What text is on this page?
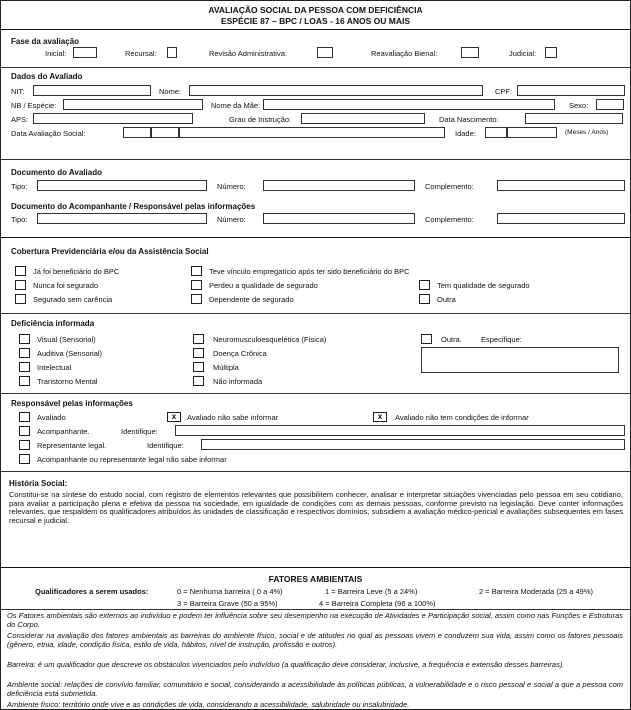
AVALIAÇÃO SOCIAL DA PESSOA COM DEFICIÊNCIA
ESPÉCIE 87 – BPC / LOAS - 16 ANOS OU MAIS
Fase da avaliação
Inicial:	Recursal:	Revisão Administrativa:	Reavaliação Bienal:	Judicial:
Dados do Avaliado
NIT:	Nome:	CPF:
NB / Espécie:	Nome da Mãe:	Sexo:
APS:	Grau de Instrução:	Data Nascimento:
Data Avaliação Social:	Idade:	(Meses / Anos)
Documento do Avaliado
Tipo:	Número:	Complemento:
Documento do Acompanhante / Responsável pelas informações
Tipo:	Número:	Complemento:
Cobertura Previdenciária e/ou da Assistência Social
Já foi beneficiário do BPC	Teve vínculo empregatício após ter sido beneficiário do BPC
Nunca foi segurado	Perdeu a qualidade de segurado	Tem qualidade de segurado
Segurado sem carência	Dependente de segurado	Outra
Deficiência informada
Visual (Sensorial)	Neuromusculoesquelética (Física)	Outra.	Especifique:
Auditiva (Sensorial)	Doença Crônica
Intelectual	Múltipla
Transtorno Mental	Não informada
Responsável pelas informações
Avaliado	x	Avaliado não sabe informar	x	Avaliado não tem condições de informar
Acompanhante.	Identifique:
Representante legal.	Identifique:
Acompanhante ou representante legal não sabe informar
História Social:
Constitui-se na síntese do estudo social, com registro de elementos relevantes que possibilitem conhecer, analisar e interpretar situações vivenciadas pelo pessoa em seu cotidiano, para avaliar a participação plena e efetiva da pessoa na sociedade, em igualdade de condições com as demais pessoas, conforme previsto na legislação. Deve conter informações relevantes, que respaldem os qualificadores atribuídos às unidades de classificação e respectivos domínios, subsidiem a avaliação médico-pericial e avaliações subsequentes em fases recursal e judicial.
FATORES AMBIENTAIS
Qualificadores a serem usados:	0 = Nenhuma barreira ( 0 a 4%)	1 = Barreira Leve (5 a 24%)	2 = Barreira Moderada (25 a 49%)
3 = Barreira Grave (50 a 95%)	4 = Barreira Completa (96 a 100%)
Os Fatores ambientais são externos ao indivíduo e podem ter influência sobre seu desempenho na execução de Atividades e Participação social, assim como nas Funções e Estruturas do Corpo.
Considerar na avaliação dos fatores ambientais as barreiras do ambiente físico, social e de atitudes no qual as pessoas vivem e conduzem sua vida, assim como os fatores pessoais (gênero, etnia, idade, condição física, estilo de vida, hábitos, nível de instrução, profissão e outros).
Barreira: é um qualificador que descreve os obstáculos vivenciados pelo indivíduo (a qualificação deve considerar, inclusive, a frequência e extensão desses barreiras).
Ambiente social: relações de convívio familiar, comunitário e social, considerando a acessibilidade às políticas públicas, a vulnerabilidade e o risco pessoal e social a que a pessoa com deficiência está submetida.
Ambiente físico: território onde vive e as condições de vida, considerando a acessibilidade, salubridade ou insalubridade.
